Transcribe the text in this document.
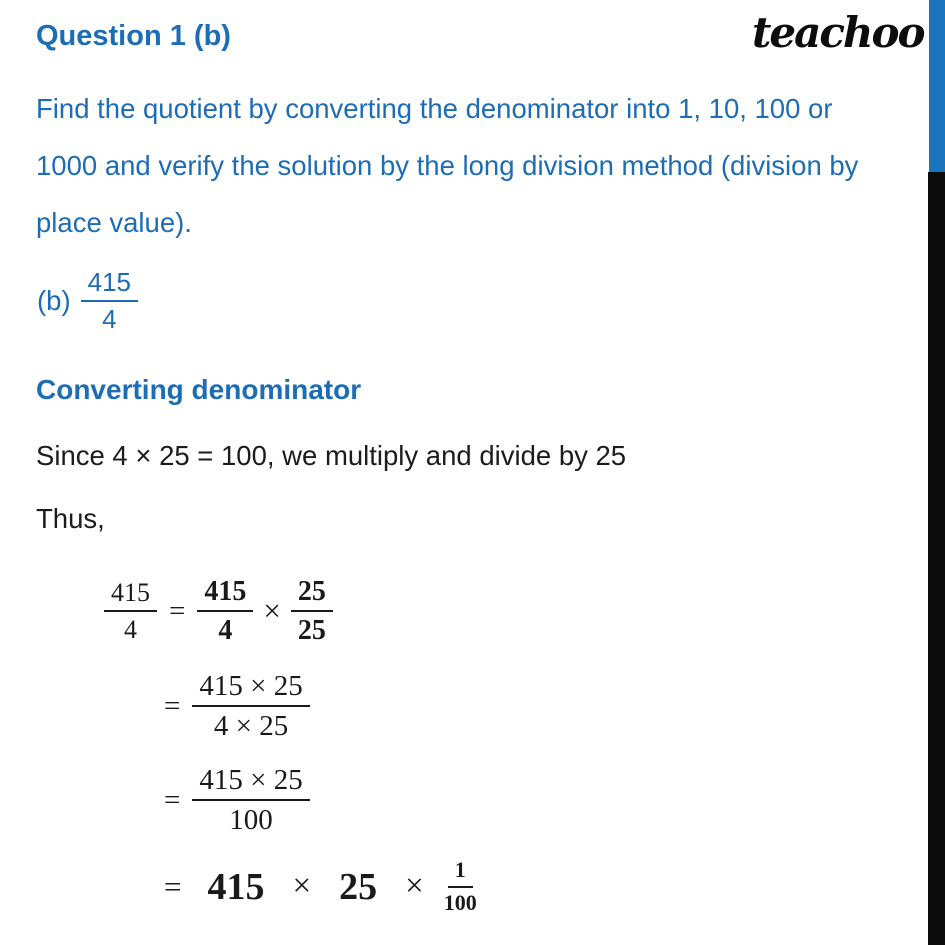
teachoo
Question 1 (b)
Find the quotient by converting the denominator into 1, 10, 100 or
1000 and verify the solution by the long division method (division by
place value).
$(b) \frac{415}{4}$
Converting denominator
Since 4 × 25 = 100, we multiply and divide by 25
Thus,
$\frac{415}{4} = \frac{415}{4} \times \frac{25}{25}$
= $\frac{415 \times 25}{4 \times 25}$
= $\frac{415 \times 25}{100}$
= $415 \times 25 \times \frac{1}{100}$
